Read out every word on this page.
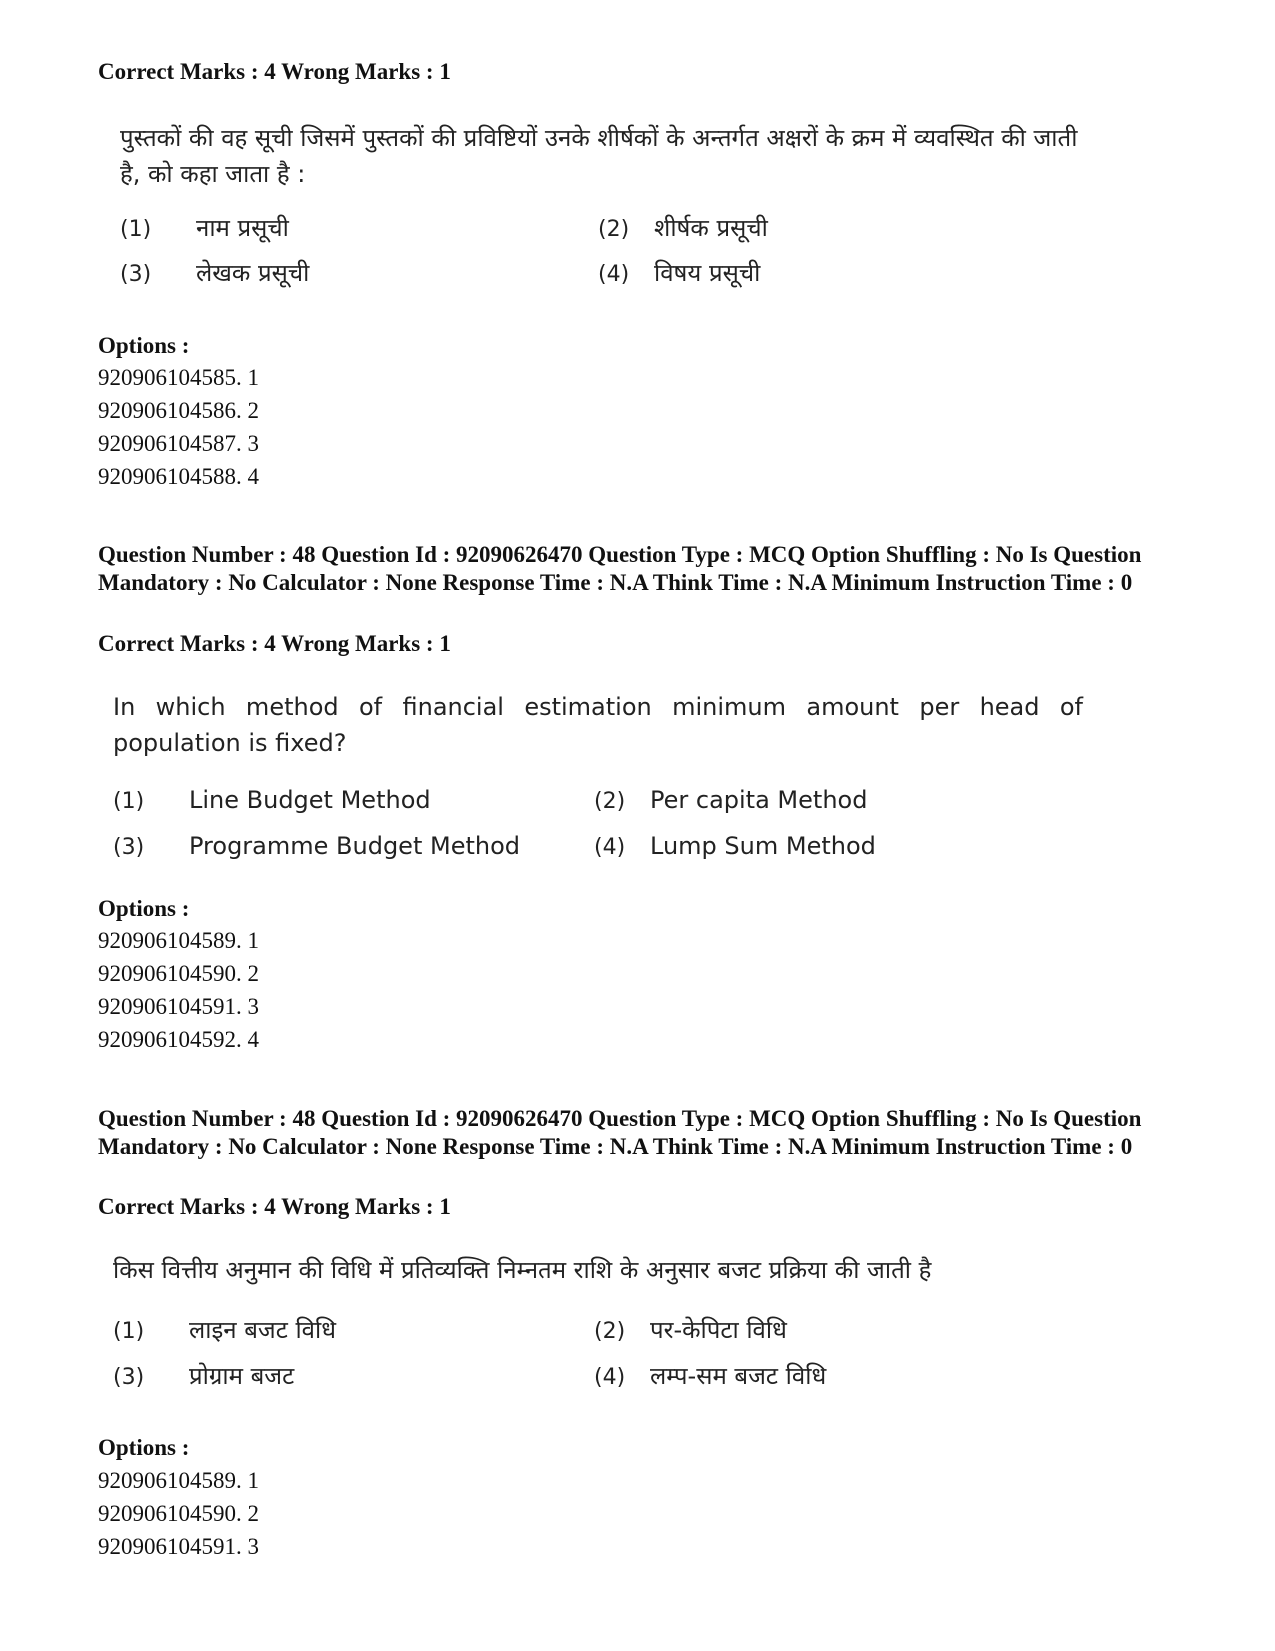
Correct Marks : 4 Wrong Marks : 1

पुस्तकों की वह सूची जिसमें पुस्तकों की प्रविष्टियों उनके शीर्षकों के अन्तर्गत अक्षरों के क्रम में व्यवस्थित की जाती है, को कहा जाता है :

(1) नाम प्रसूची	(2) शीर्षक प्रसूची

(3) लेखक प्रसूची	(4) विषय प्रसूची

Options :

920906104585. 1

920906104586. 2

920906104587. 3

920906104588. 4

Question Number : 48 Question Id : 92090626470 Question Type : MCQ Option Shuffling : No Is Question Mandatory : No Calculator : None Response Time : N.A Think Time : N.A Minimum Instruction Time : 0

Correct Marks : 4 Wrong Marks : 1

In which method of financial estimation minimum amount per head of population is fixed?

(1) Line Budget Method	(2) Per capita Method

(3) Programme Budget Method	(4) Lump Sum Method

Options :

920906104589. 1

920906104590. 2

920906104591. 3

920906104592. 4

Question Number : 48 Question Id : 92090626470 Question Type : MCQ Option Shuffling : No Is Question Mandatory : No Calculator : None Response Time : N.A Think Time : N.A Minimum Instruction Time : 0

Correct Marks : 4 Wrong Marks : 1

किस वित्तीय अनुमान की विधि में प्रतिव्यक्ति निम्नतम राशि के अनुसार बजट प्रक्रिया की जाती है

(1) लाइन बजट विधि	(2) पर-केपिटा विधि

(3) प्रोग्राम बजट	(4) लम्प-सम बजट विधि

Options :

920906104589. 1

920906104590. 2

920906104591. 3
